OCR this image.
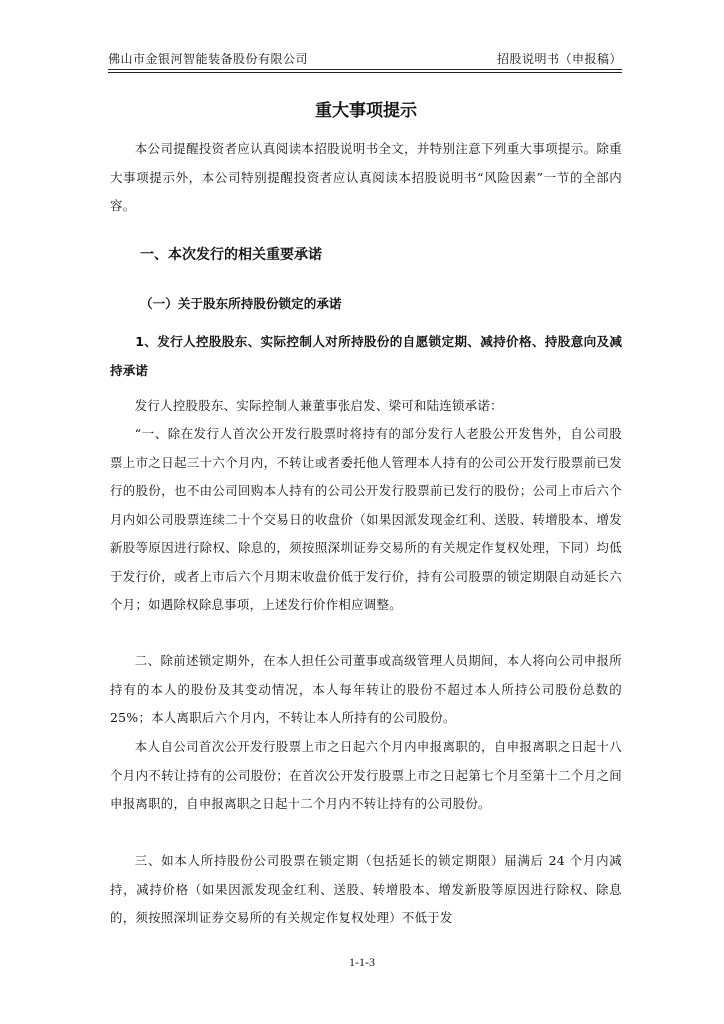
佛山市金银河智能装备股份有限公司	招股说明书（申报稿）
重大事项提示
本公司提醒投资者应认真阅读本招股说明书全文，并特别注意下列重大事项提示。除重大事项提示外，本公司特别提醒投资者应认真阅读本招股说明书“风险因素”一节的全部内容。
一、本次发行的相关重要承诺
（一）关于股东所持股份锁定的承诺
1、发行人控股股东、实际控制人对所持股份的自愿锁定期、减持价格、持股意向及减持承诺
发行人控股股东、实际控制人兼董事张启发、梁可和陆连锁承诺：
“一、除在发行人首次公开发行股票时将持有的部分发行人老股公开发售外，自公司股票上市之日起三十六个月内，不转让或者委托他人管理本人持有的公司公开发行股票前已发行的股份，也不由公司回购本人持有的公司公开发行股票前已发行的股份；公司上市后六个月内如公司股票连续二十个交易日的收盘价（如果因派发现金红利、送股、转增股本、增发新股等原因进行除权、除息的，须按照深圳证券交易所的有关规定作复权处理，下同）均低于发行价，或者上市后六个月期末收盘价低于发行价，持有公司股票的锁定期限自动延长六个月；如遇除权除息事项，上述发行价作相应调整。
二、除前述锁定期外，在本人担任公司董事或高级管理人员期间，本人将向公司申报所持有的本人的股份及其变动情况，本人每年转让的股份不超过本人所持公司股份总数的25%；本人离职后六个月内，不转让本人所持有的公司股份。
本人自公司首次公开发行股票上市之日起六个月内申报离职的，自申报离职之日起十八个月内不转让持有的公司股份；在首次公开发行股票上市之日起第七个月至第十二个月之间申报离职的，自申报离职之日起十二个月内不转让持有的公司股份。
三、如本人所持股份公司股票在锁定期（包括延长的锁定期限）届满后 24 个月内减持，减持价格（如果因派发现金红利、送股、转增股本、增发新股等原因进行除权、除息的，须按照深圳证券交易所的有关规定作复权处理）不低于发
1-1-3
